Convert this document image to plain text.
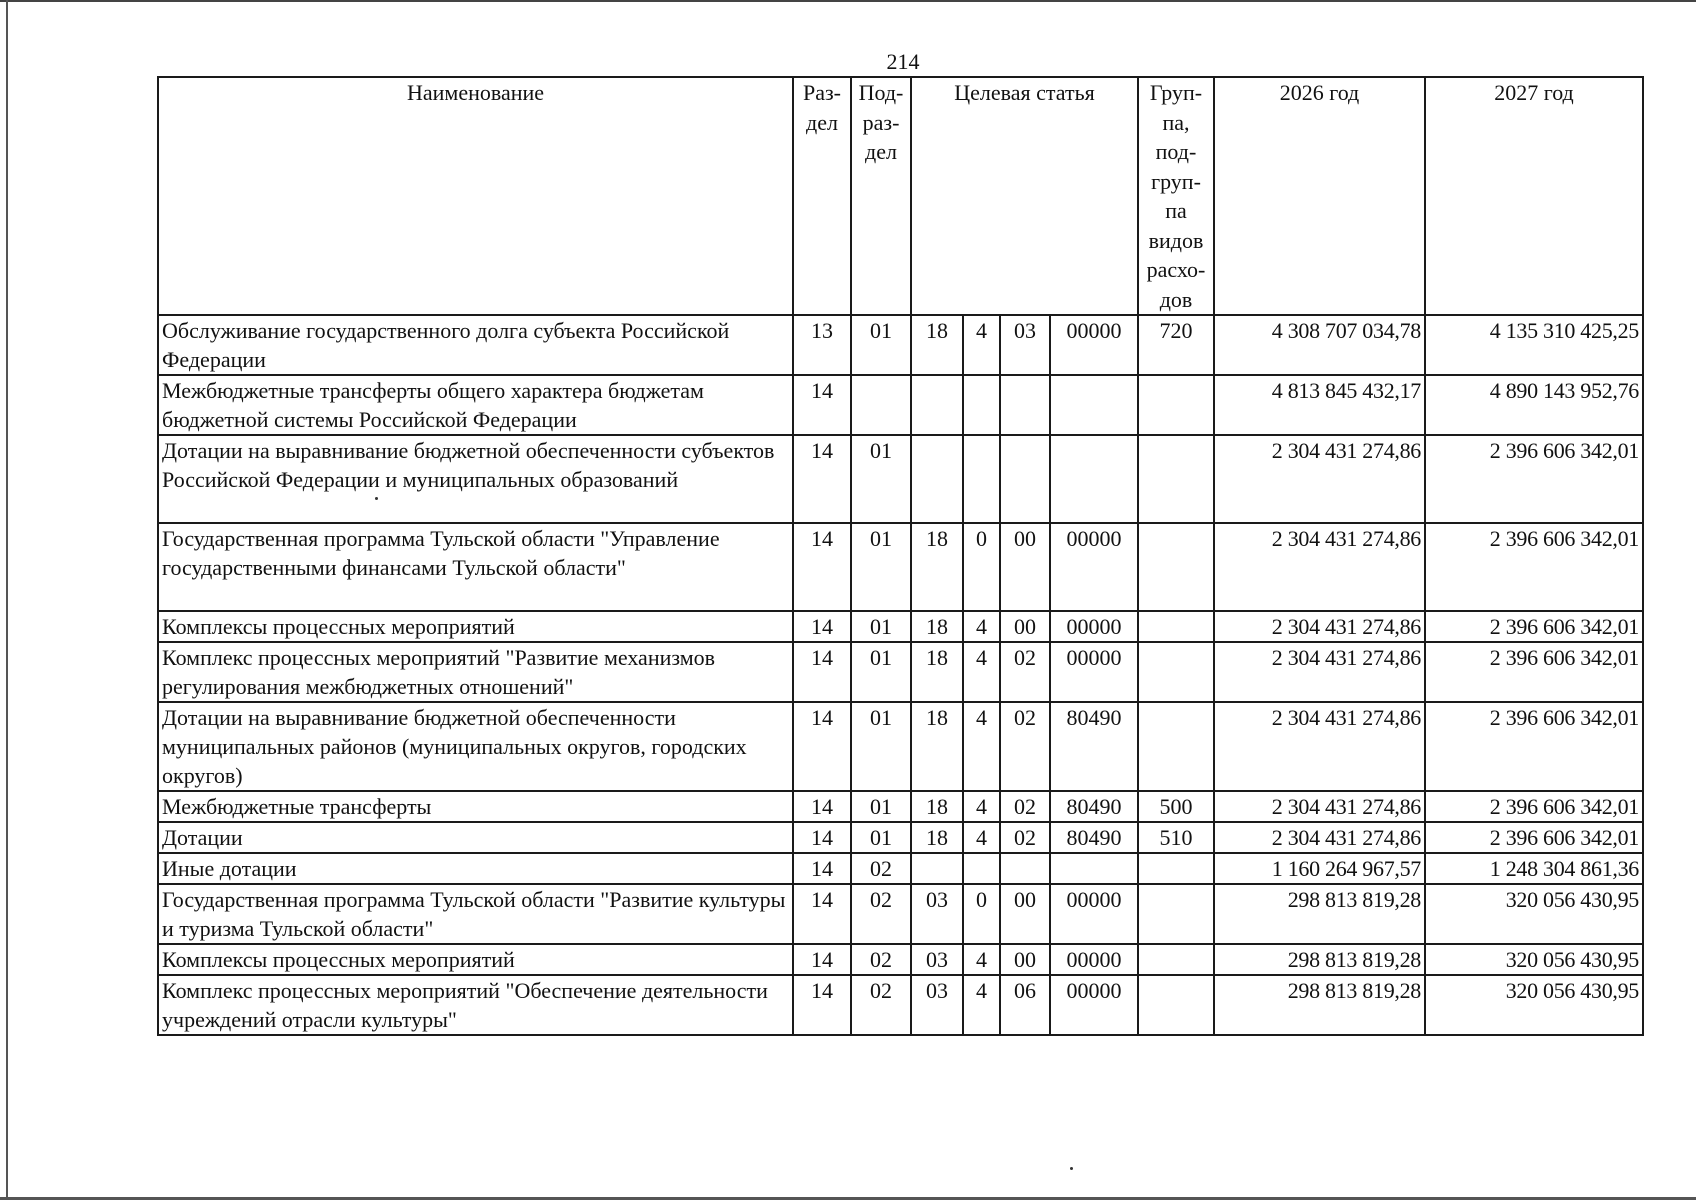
214
Наименование	Раз-дел	Под-раз-дел	Целевая статья				Груп-па, под-груп-па видов расхо-дов	2026 год	2027 год
Обслуживание государственного долга субъекта Российской Федерации	13	01	18	4	03	00000	720	4 308 707 034,78	4 135 310 425,25
Межбюджетные трансферты общего характера бюджетам бюджетной системы Российской Федерации	14							4 813 845 432,17	4 890 143 952,76
Дотации на выравнивание бюджетной обеспеченности субъектов Российской Федерации и муниципальных образований	14	01						2 304 431 274,86	2 396 606 342,01
Государственная программа Тульской области "Управление государственными финансами Тульской области"	14	01	18	0	00	00000		2 304 431 274,86	2 396 606 342,01
Комплексы процессных мероприятий	14	01	18	4	00	00000		2 304 431 274,86	2 396 606 342,01
Комплекс процессных мероприятий "Развитие механизмов регулирования межбюджетных отношений"	14	01	18	4	02	00000		2 304 431 274,86	2 396 606 342,01
Дотации на выравнивание бюджетной обеспеченности муниципальных районов (муниципальных округов, городских округов)	14	01	18	4	02	80490		2 304 431 274,86	2 396 606 342,01
Межбюджетные трансферты	14	01	18	4	02	80490	500	2 304 431 274,86	2 396 606 342,01
Дотации	14	01	18	4	02	80490	510	2 304 431 274,86	2 396 606 342,01
Иные дотации	14	02						1 160 264 967,57	1 248 304 861,36
Государственная программа Тульской области "Развитие культуры и туризма Тульской области"	14	02	03	0	00	00000		298 813 819,28	320 056 430,95
Комплексы процессных мероприятий	14	02	03	4	00	00000		298 813 819,28	320 056 430,95
Комплекс процессных мероприятий "Обеспечение деятельности учреждений отрасли культуры"	14	02	03	4	06	00000		298 813 819,28	320 056 430,95
